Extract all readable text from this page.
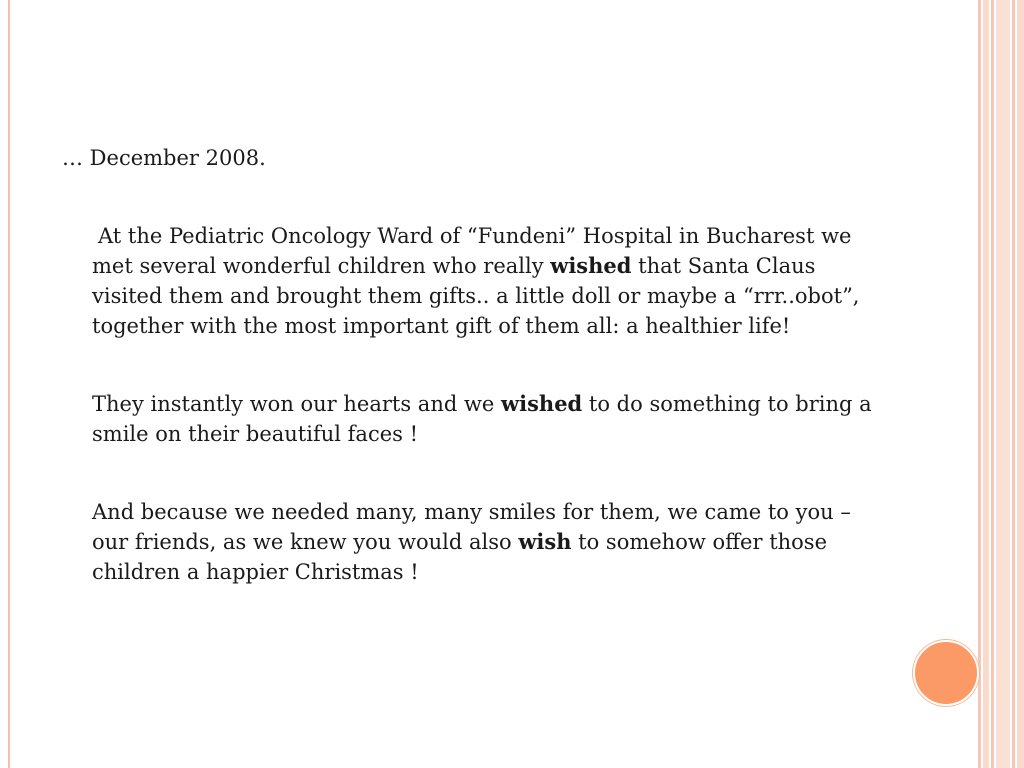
… December 2008.

At the Pediatric Oncology Ward of “Fundeni” Hospital in Bucharest we met several wonderful children who really wished that Santa Claus visited them and brought them gifts.. a little doll or maybe a “rrr..obot”, together with the most important gift of them all: a healthier life!

They instantly won our hearts and we wished to do something to bring a smile on their beautiful faces !

And because we needed many, many smiles for them, we came to you – our friends, as we knew you would also wish to somehow offer those children a happier Christmas !
